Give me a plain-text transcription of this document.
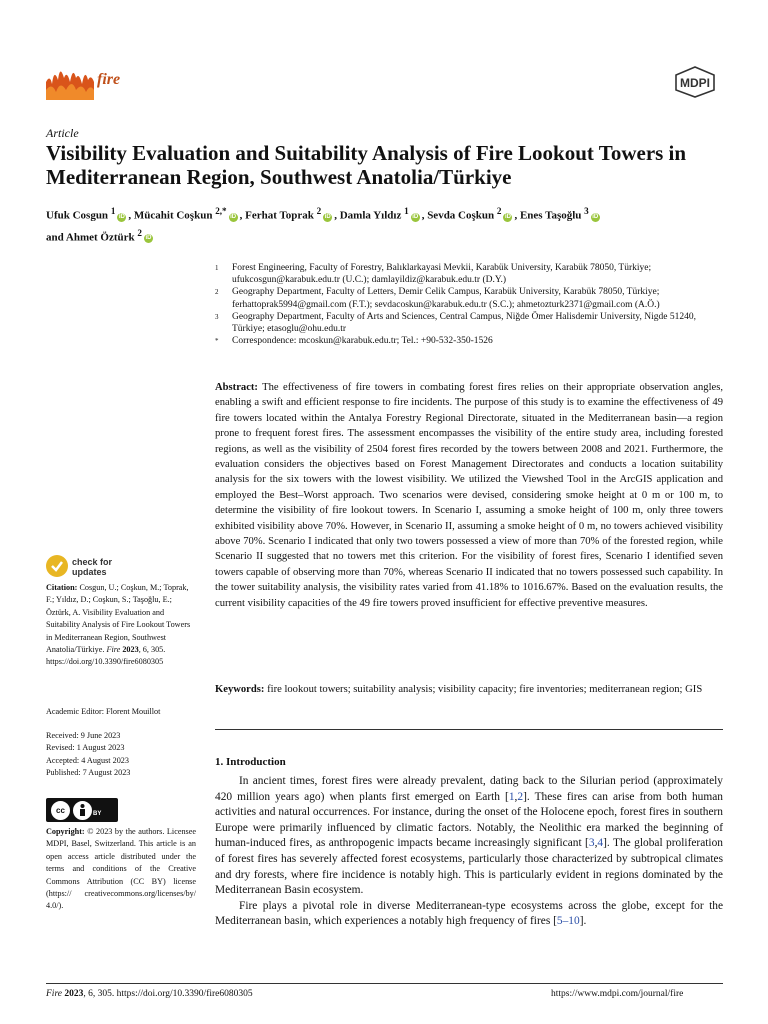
fire	MDPI
Article
Visibility Evaluation and Suitability Analysis of Fire Lookout Towers in Mediterranean Region, Southwest Anatolia/Türkiye
Ufuk Cosgun $^1$iD , Mücahit Coşkun $^{2,*}$iD , Ferhat Toprak $^2$iD , Damla Yıldız $^1$iD , Sevda Coşkun $^2$iD , Enes Taşoğlu $^3$iD
and Ahmet Öztürk $^2$iD
1	Forest Engineering, Faculty of Forestry, Balıklarkayasi Mevkii, Karabük University, Karabük 78050, Türkiye; ufukcosgun@karabuk.edu.tr (U.C.); damlayildiz@karabuk.edu.tr (D.Y.)
2	Geography Department, Faculty of Letters, Demir Celik Campus, Karabük University, Karabük 78050, Türkiye; ferhattoprak5994@gmail.com (F.T.); sevdacoskun@karabuk.edu.tr (S.C.); ahmetozturk2371@gmail.com (A.Ö.)
3	Geography Department, Faculty of Arts and Sciences, Central Campus, Niğde Ömer Halisdemir University, Nigde 51240, Türkiye; etasoglu@ohu.edu.tr
*	Correspondence: mcoskun@karabuk.edu.tr; Tel.: +90-532-350-1526
Abstract: The effectiveness of fire towers in combating forest fires relies on their appropriate observation angles, enabling a swift and efficient response to fire incidents. The purpose of this study is to examine the effectiveness of 49 fire towers located within the Antalya Forestry Regional Directorate, situated in the Mediterranean basin—a region prone to frequent forest fires. The assessment encompasses the visibility of the entire study area, including forested regions, as well as the visibility of 2504 forest fires recorded by the towers between 2008 and 2021. Furthermore, the evaluation considers the objectives based on Forest Management Directorates and conducts a location suitability analysis for the six towers with the lowest visibility. We utilized the Viewshed Tool in the ArcGIS application and employed the Best–Worst approach. Two scenarios were devised, considering smoke height at 0 m or 100 m, to determine the visibility of fire lookout towers. In Scenario I, assuming a smoke height of 100 m, only three towers exhibited visibility above 70%. However, in Scenario II, assuming a smoke height of 0 m, no towers achieved visibility above 70%. Scenario I indicated that only two towers possessed a view of more than 70% of the forested region, while Scenario II suggested that no towers met this criterion. For the visibility of forest fires, Scenario I identified seven towers capable of observing more than 70%, whereas Scenario II indicated that no towers possessed such capability. In the tower suitability analysis, the visibility rates varied from 41.18% to 1016.67%. Based on the evaluation results, the current visibility capacities of the 49 fire towers proved insufficient for effective preventive measures.
Keywords: fire lookout towers; suitability analysis; visibility capacity; fire inventories; mediterranean region; GIS
check for
updates
Citation: Cosgun, U.; Coşkun, M.; Toprak, F.; Yıldız, D.; Coşkun, S.; Taşoğlu, E.; Öztürk, A. Visibility Evaluation and Suitability Analysis of Fire Lookout Towers in Mediterranean Region, Southwest Anatolia/Türkiye. Fire 2023, 6, 305. https://doi.org/10.3390/fire6080305
Academic Editor: Florent Mouillot
Received: 9 June 2023
Revised: 1 August 2023
Accepted: 4 August 2023
Published: 7 August 2023
cc	BY
Copyright: © 2023 by the authors. Licensee MDPI, Basel, Switzerland. This article is an open access article distributed under the terms and conditions of the Creative Commons Attribution (CC BY) license (https:// creativecommons.org/licenses/by/ 4.0/).
1. Introduction

In ancient times, forest fires were already prevalent, dating back to the Silurian period (approximately 420 million years ago) when plants first emerged on Earth [1,2]. These fires can arise from both human activities and natural occurrences. For instance, during the onset of the Holocene epoch, forest fires in southern Europe were primarily influenced by climatic factors. Notably, the Neolithic era marked the beginning of human-induced fires, as anthropogenic impacts became increasingly significant [3,4]. The global proliferation of forest fires has severely affected forest ecosystems, particularly those characterized by subtropical climates and dry forests, where fire incidence is notably high. This is particularly evident in regions dominated by the Mediterranean Basin ecosystem.

Fire plays a pivotal role in diverse Mediterranean-type ecosystems across the globe, except for the Mediterranean basin, which experiences a notably high frequency of fires [5–10].

Fire 2023, 6, 305. https://doi.org/10.3390/fire6080305	https://www.mdpi.com/journal/fire
